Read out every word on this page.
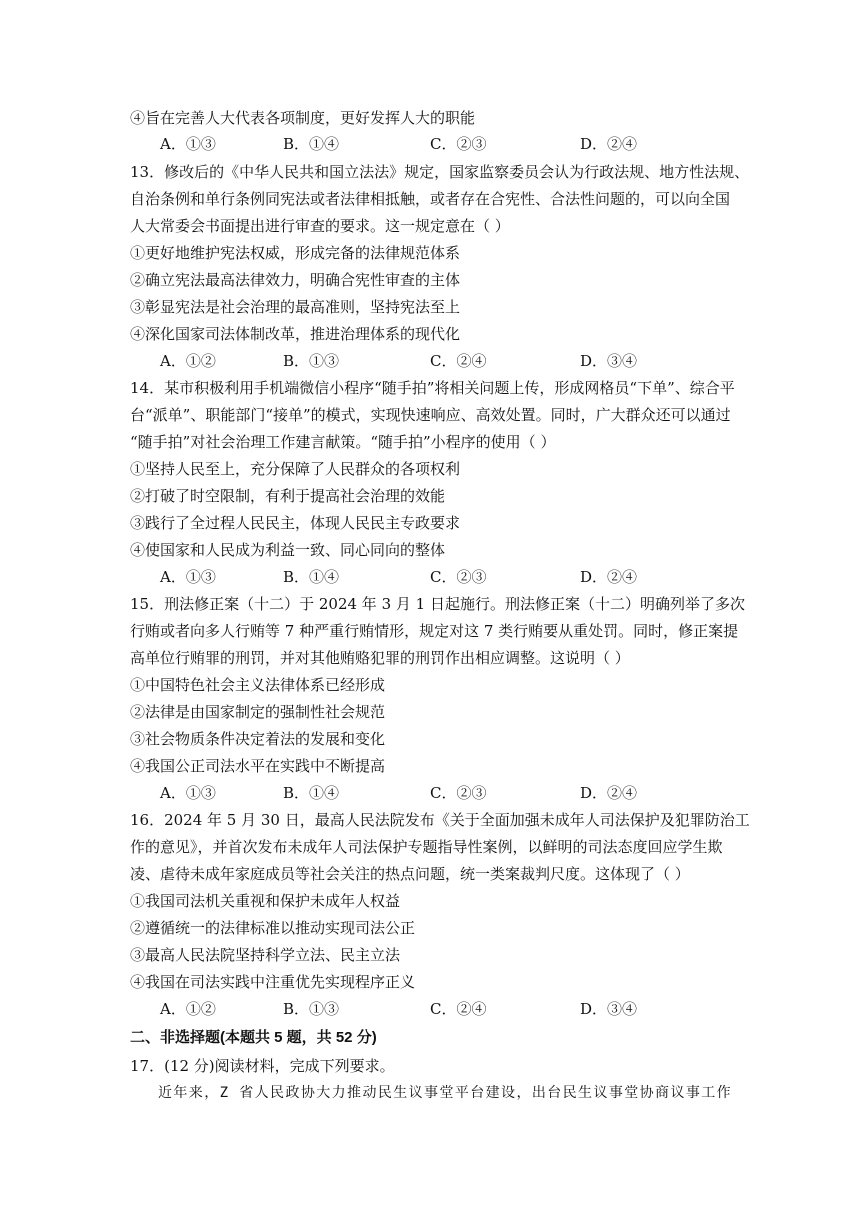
④旨在完善人大代表各项制度，更好发挥人大的职能
A．①③	B．①④	C．②③	D．②④
13．修改后的《中华人民共和国立法法》规定，国家监察委员会认为行政法规、地方性法规、
自治条例和单行条例同宪法或者法律相抵触，或者存在合宪性、合法性问题的，可以向全国
人大常委会书面提出进行审查的要求。这一规定意在（ ）
①更好地维护宪法权威，形成完备的法律规范体系
②确立宪法最高法律效力，明确合宪性审查的主体
③彰显宪法是社会治理的最高准则，坚持宪法至上
④深化国家司法体制改革，推进治理体系的现代化
A．①②	B．①③	C．②④	D．③④
14．某市积极利用手机端微信小程序“随手拍”将相关问题上传，形成网格员“下单”、综合平
台“派单”、职能部门“接单”的模式，实现快速响应、高效处置。同时，广大群众还可以通过
“随手拍”对社会治理工作建言献策。“随手拍”小程序的使用（ ）
①坚持人民至上，充分保障了人民群众的各项权利
②打破了时空限制，有利于提高社会治理的效能
③践行了全过程人民民主，体现人民民主专政要求
④使国家和人民成为利益一致、同心同向的整体
A．①③	B．①④	C．②③	D．②④
15．刑法修正案（十二）于 2024 年 3 月 1 日起施行。刑法修正案（十二）明确列举了多次
行贿或者向多人行贿等 7 种严重行贿情形，规定对这 7 类行贿要从重处罚。同时，修正案提
高单位行贿罪的刑罚，并对其他贿赂犯罪的刑罚作出相应调整。这说明（ ）
①中国特色社会主义法律体系已经形成
②法律是由国家制定的强制性社会规范
③社会物质条件决定着法的发展和变化
④我国公正司法水平在实践中不断提高
A．①③	B．①④	C．②③	D．②④
16．2024 年 5 月 30 日，最高人民法院发布《关于全面加强未成年人司法保护及犯罪防治工
作的意见》，并首次发布未成年人司法保护专题指导性案例，以鲜明的司法态度回应学生欺
凌、虐待未成年家庭成员等社会关注的热点问题，统一类案裁判尺度。这体现了（ ）
①我国司法机关重视和保护未成年人权益
②遵循统一的法律标准以推动实现司法公正
③最高人民法院坚持科学立法、民主立法
④我国在司法实践中注重优先实现程序正义
A．①②	B．①③	C．②④	D．③④
二、非选择题(本题共 5 题，共 52 分)
17．(12 分)阅读材料，完成下列要求。
近年来，Z 省人民政协大力推动民生议事堂平台建设，出台民生议事堂协商议事工作
